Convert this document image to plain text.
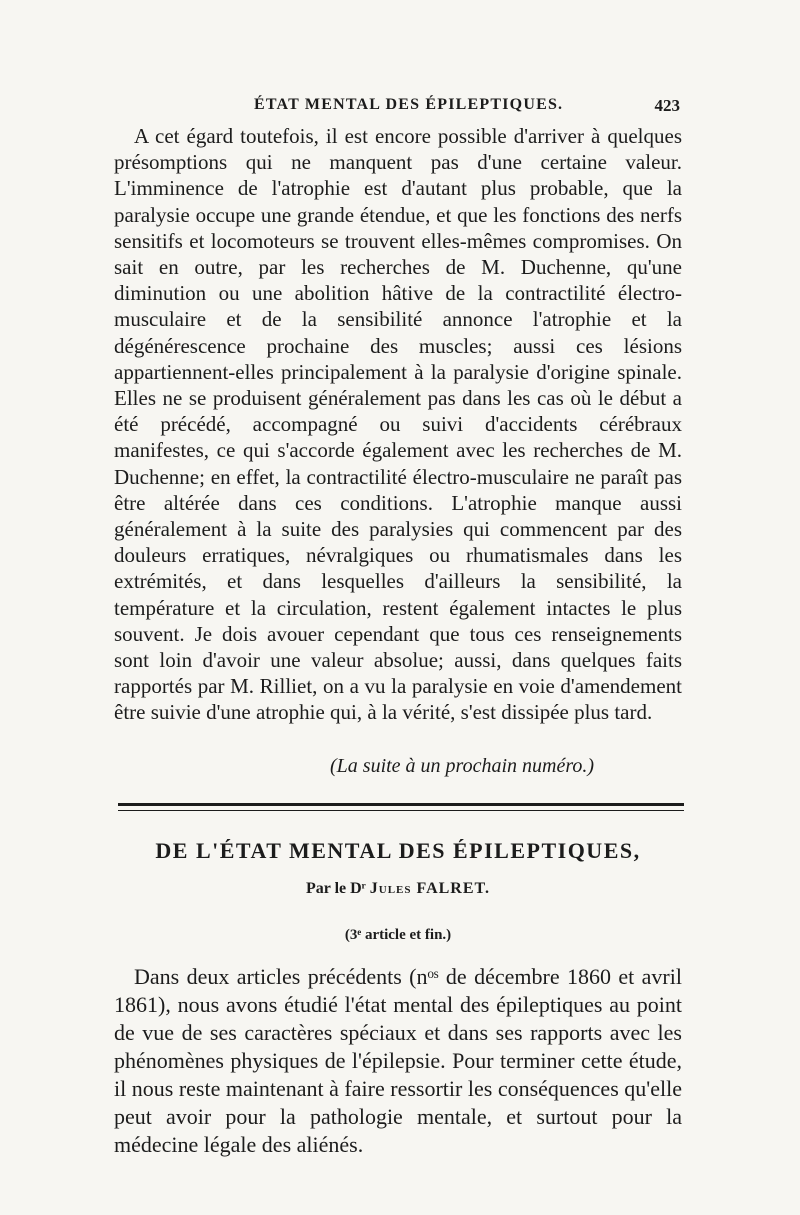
ÉTAT MENTAL DES ÉPILEPTIQUES.	423

A cet égard toutefois, il est encore possible d'arriver à quelques présomptions qui ne manquent pas d'une certaine valeur. L'imminence de l'atrophie est d'autant plus probable, que la paralysie occupe une grande étendue, et que les fonctions des nerfs sensitifs et locomoteurs se trouvent elles-mêmes compromises. On sait en outre, par les recherches de M. Duchenne, qu'une diminution ou une abolition hâtive de la contractilité électro-musculaire et de la sensibilité annonce l'atrophie et la dégénérescence prochaine des muscles; aussi ces lésions appartiennent-elles principalement à la paralysie d'origine spinale. Elles ne se produisent généralement pas dans les cas où le début a été précédé, accompagné ou suivi d'accidents cérébraux manifestes, ce qui s'accorde également avec les recherches de M. Duchenne; en effet, la contractilité électro-musculaire ne paraît pas être altérée dans ces conditions. L'atrophie manque aussi généralement à la suite des paralysies qui commencent par des douleurs erratiques, névralgiques ou rhumatismales dans les extrémités, et dans lesquelles d'ailleurs la sensibilité, la température et la circulation, restent également intactes le plus souvent. Je dois avouer cependant que tous ces renseignements sont loin d'avoir une valeur absolue; aussi, dans quelques faits rapportés par M. Rilliet, on a vu la paralysie en voie d'amendement être suivie d'une atrophie qui, à la vérité, s'est dissipée plus tard.

(La suite à un prochain numéro.)
DE L'ÉTAT MENTAL DES ÉPILEPTIQUES,
Par le Dʳ Jules FALRET.
(3ᵉ article et fin.)

Dans deux articles précédents (nᵒˢ de décembre 1860 et avril 1861), nous avons étudié l'état mental des épileptiques au point de vue de ses caractères spéciaux et dans ses rapports avec les phénomènes physiques de l'épilepsie. Pour terminer cette étude, il nous reste maintenant à faire ressortir les conséquences qu'elle peut avoir pour la pathologie mentale, et surtout pour la médecine légale des aliénés.
